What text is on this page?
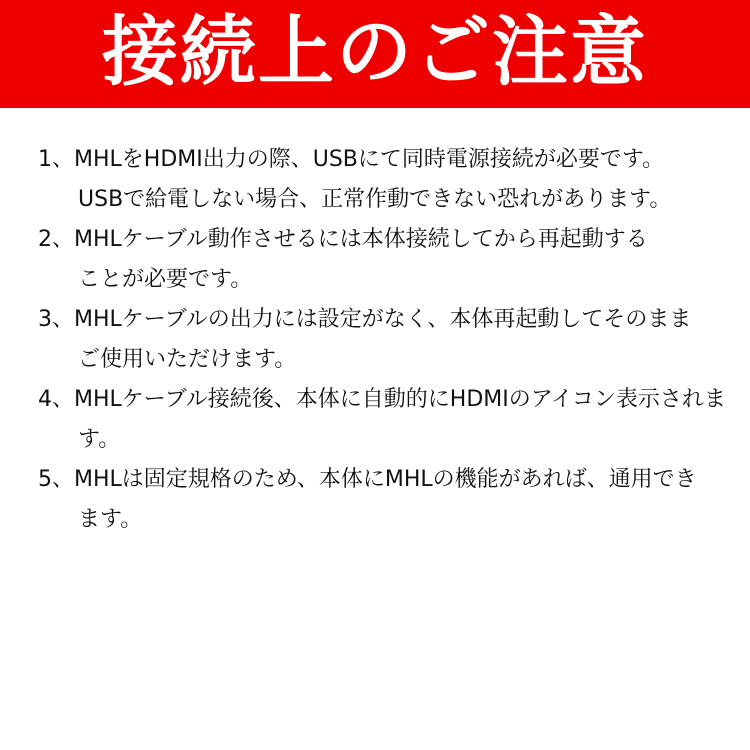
接続上のご注意
1、MHLをHDMI出力の際、USBにて同時電源接続が必要です。
USBで給電しない場合、正常作動できない恐れがあります。
2、MHLケーブル動作させるには本体接続してから再起動する
ことが必要です。
3、MHLケーブルの出力には設定がなく、本体再起動してそのまま
ご使用いただけます。
4、MHLケーブル接続後、本体に自動的にHDMIのアイコン表示されま
す。
5、MHLは固定規格のため、本体にMHLの機能があれば、通用でき
ます。
